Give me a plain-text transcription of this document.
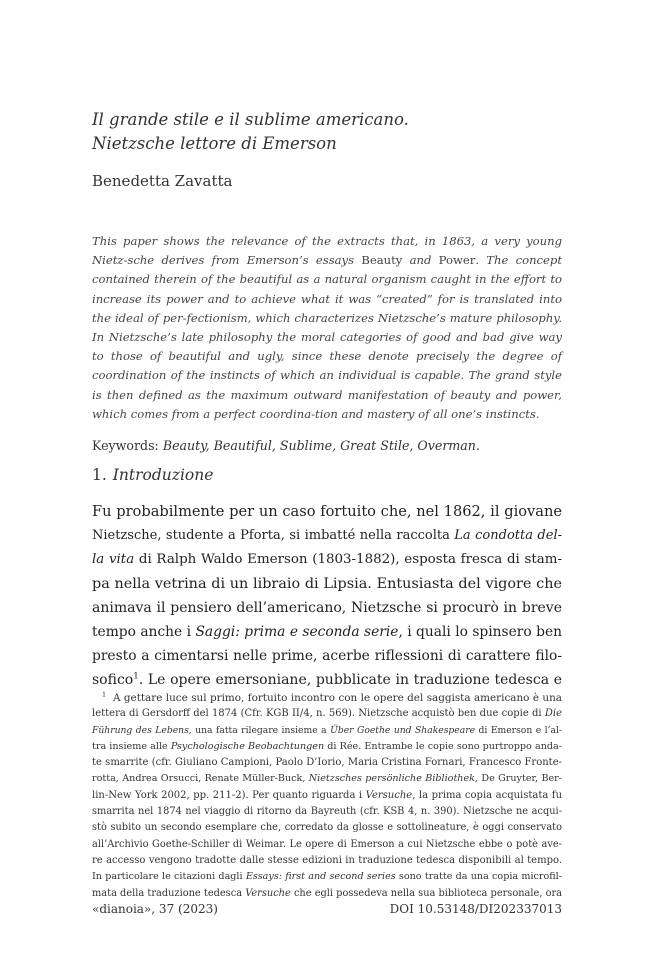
Il grande stile e il sublime americano.
Nietzsche lettore di Emerson
Benedetta Zavatta
This paper shows the relevance of the extracts that, in 1863, a very young Nietz-sche derives from Emerson’s essays Beauty and Power. The concept contained therein of the beautiful as a natural organism caught in the effort to increase its power and to achieve what it was “created” for is translated into the ideal of per-fectionism, which characterizes Nietzsche’s mature philosophy. In Nietzsche’s late philosophy the moral categories of good and bad give way to those of beautiful and ugly, since these denote precisely the degree of coordination of the instincts of which an individual is capable. The grand style is then defined as the maximum outward manifestation of beauty and power, which comes from a perfect coordina-tion and mastery of all one’s instincts.
Keywords: Beauty, Beautiful, Sublime, Great Stile, Overman.
1. Introduzione
Fu probabilmente per un caso fortuito che, nel 1862, il giovane
Nietzsche, studente a Pforta, si imbatté nella raccolta La condotta del-
la vita di Ralph Waldo Emerson (1803-1882), esposta fresca di stam-
pa nella vetrina di un libraio di Lipsia. Entusiasta del vigore che
animava il pensiero dell’americano, Nietzsche si procurò in breve
tempo anche i Saggi: prima e seconda serie, i quali lo spinsero ben
presto a cimentarsi nelle prime, acerbe riflessioni di carattere filo-
sofico$^1$. Le opere emersoniane, pubblicate in traduzione tedesca e
$^1$ A gettare luce sul primo, fortuito incontro con le opere del saggista americano è una
lettera di Gersdorff del 1874 (Cfr. KGB II/4, n. 569). Nietzsche acquistò ben due copie di Die
Führung des Lebens, una fatta rilegare insieme a Über Goethe und Shakespeare di Emerson e l’al-
tra insieme alle Psychologische Beobachtungen di Rée. Entrambe le copie sono purtroppo anda-
te smarrite (cfr. Giuliano Campioni, Paolo D’Iorio, Maria Cristina Fornari, Francesco Fronte-
rotta, Andrea Orsucci, Renate Müller-Buck, Nietzsches persönliche Bibliothek, De Gruyter, Ber-
lin-New York 2002, pp. 211-2). Per quanto riguarda i Versuche, la prima copia acquistata fu
smarrita nel 1874 nel viaggio di ritorno da Bayreuth (cfr. KSB 4, n. 390). Nietzsche ne acqui-
stò subito un secondo esemplare che, corredato da glosse e sottolineature, è oggi conservato
all’Archivio Goethe-Schiller di Weimar. Le opere di Emerson a cui Nietzsche ebbe o potè ave-
re accesso vengono tradotte dalle stesse edizioni in traduzione tedesca disponibili al tempo.
In particolare le citazioni dagli Essays: first and second series sono tratte da una copia microfil-
mata della traduzione tedesca Versuche che egli possedeva nella sua biblioteca personale, ora
«dianoia», 37 (2023)	DOI 10.53148/DI202337013
